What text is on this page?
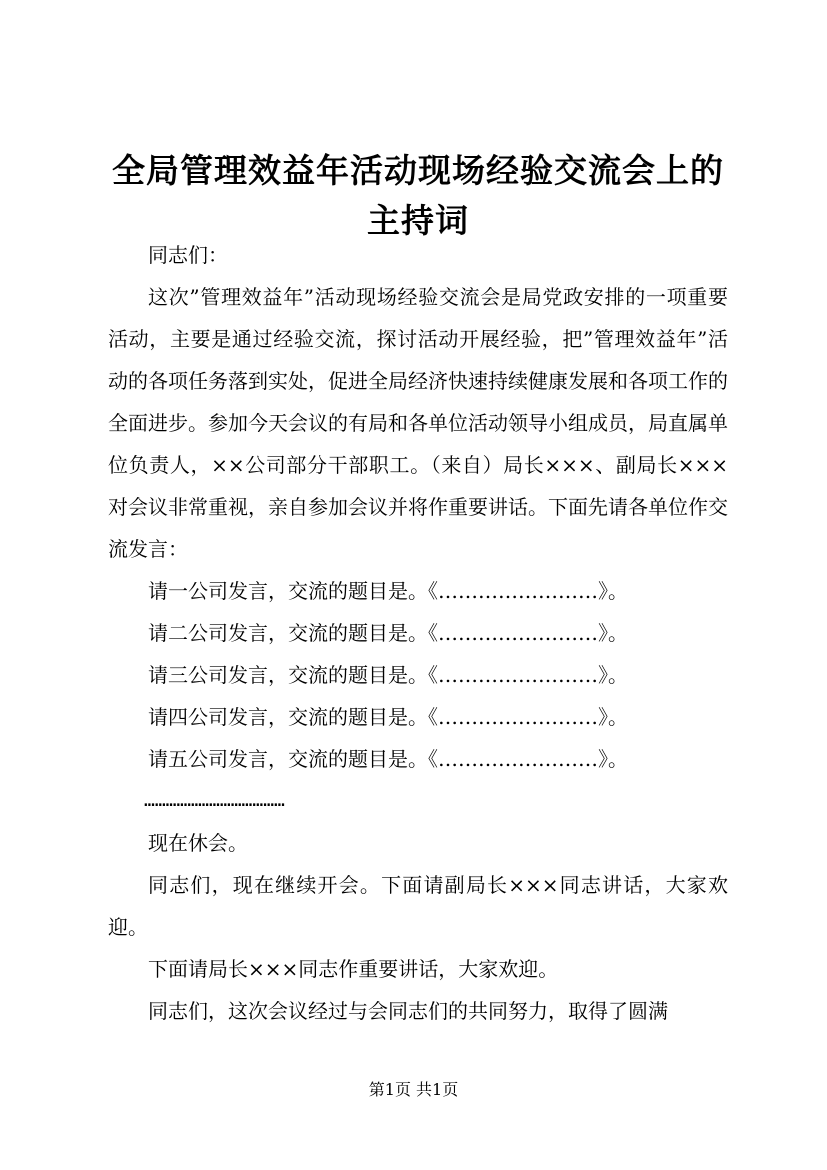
全局管理效益年活动现场经验交流会上的主持词

同志们：

这次”管理效益年”活动现场经验交流会是局党政安排的一项重要活动，主要是通过经验交流，探讨活动开展经验，把”管理效益年”活动的各项任务落到实处，促进全局经济快速持续健康发展和各项工作的全面进步。参加今天会议的有局和各单位活动领导小组成员，局直属单位负责人，××公司部分干部职工。（来自）局长×××、副局长×××对会议非常重视，亲自参加会议并将作重要讲话。下面先请各单位作交流发言：

请一公司发言，交流的题目是。《……………………》。

请二公司发言，交流的题目是。《……………………》。

请三公司发言，交流的题目是。《……………………》。

请四公司发言，交流的题目是。《……………………》。

请五公司发言，交流的题目是。《……………………》。

…………………………………

现在休会。

同志们，现在继续开会。下面请副局长×××同志讲话，大家欢迎。

下面请局长×××同志作重要讲话，大家欢迎。

同志们，这次会议经过与会同志们的共同努力，取得了圆满

第1页 共1页
